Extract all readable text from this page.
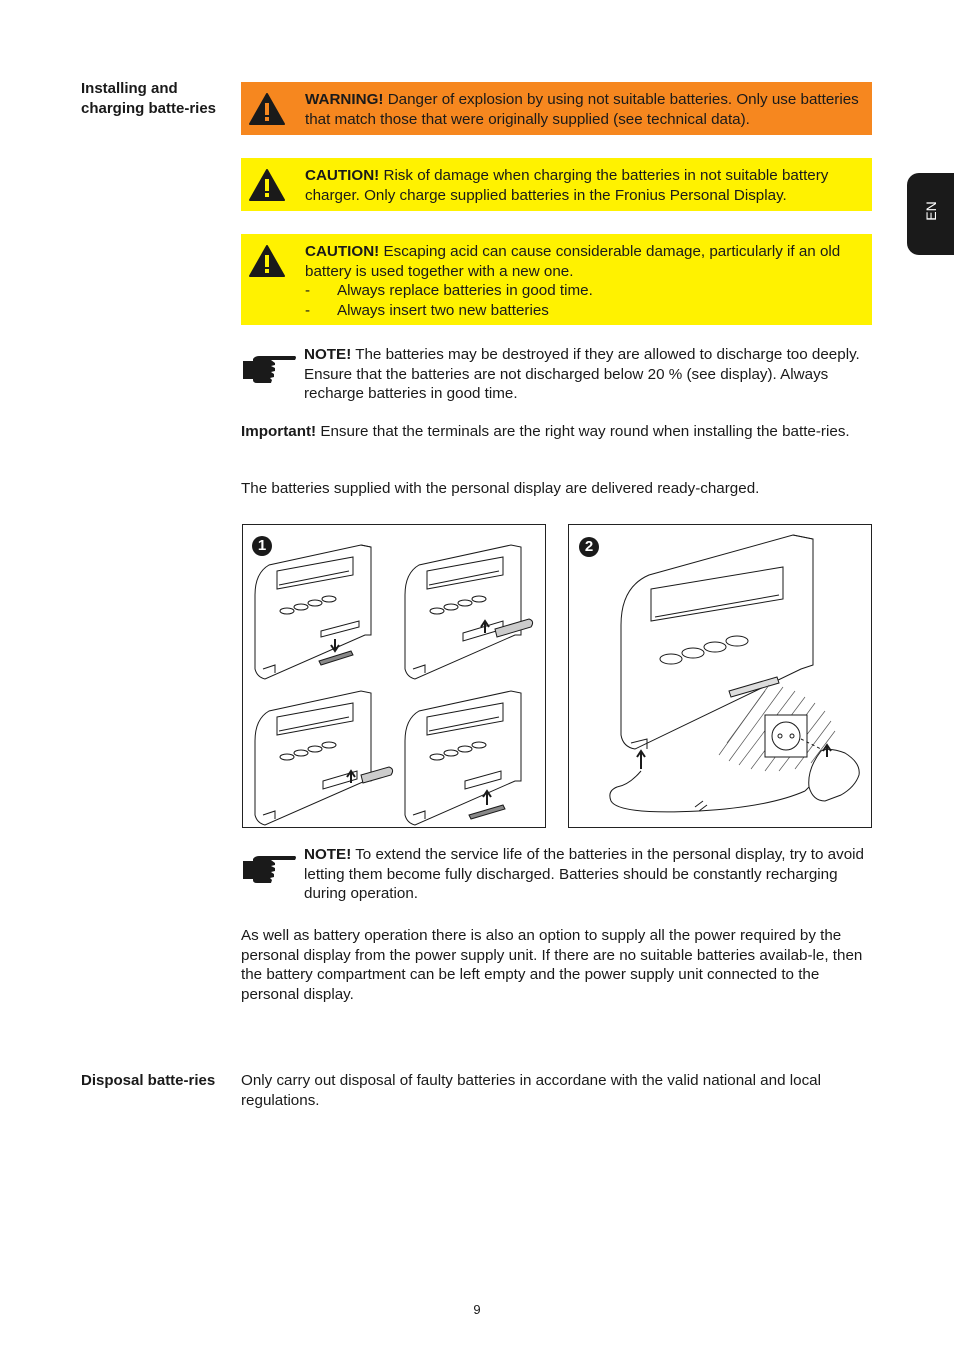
Installing and charging batte-ries
Disposal batte-ries
EN
WARNING! Danger of explosion by using not suitable batteries. Only use batteries that match those that were originally supplied (see technical data).
CAUTION! Risk of damage when charging the batteries in not suitable battery charger. Only charge supplied batteries in the Fronius Personal Display.
CAUTION! Escaping acid can cause considerable damage, particularly if an old battery is used together with a new one.
-	Always replace batteries in good time.
-	Always insert two new batteries
NOTE! The batteries may be destroyed if they are allowed to discharge too deeply. Ensure that the batteries are not discharged below 20 % (see display). Always recharge batteries in good time.
Important! Ensure that the terminals are the right way round when installing the batte-ries.
The batteries supplied with the personal display are delivered ready-charged.
1	2
NOTE! To extend the service life of the batteries in the personal display, try to avoid letting them become fully discharged. Batteries should be constantly recharging during operation.
As well as battery operation there is also an option to supply all the power required by the personal display from the power supply unit. If there are no suitable batteries availab-le, then the battery compartment can be left empty and the power supply unit connected to the personal display.
Only carry out disposal of faulty batteries in accordane with the valid national and local regulations.
9
